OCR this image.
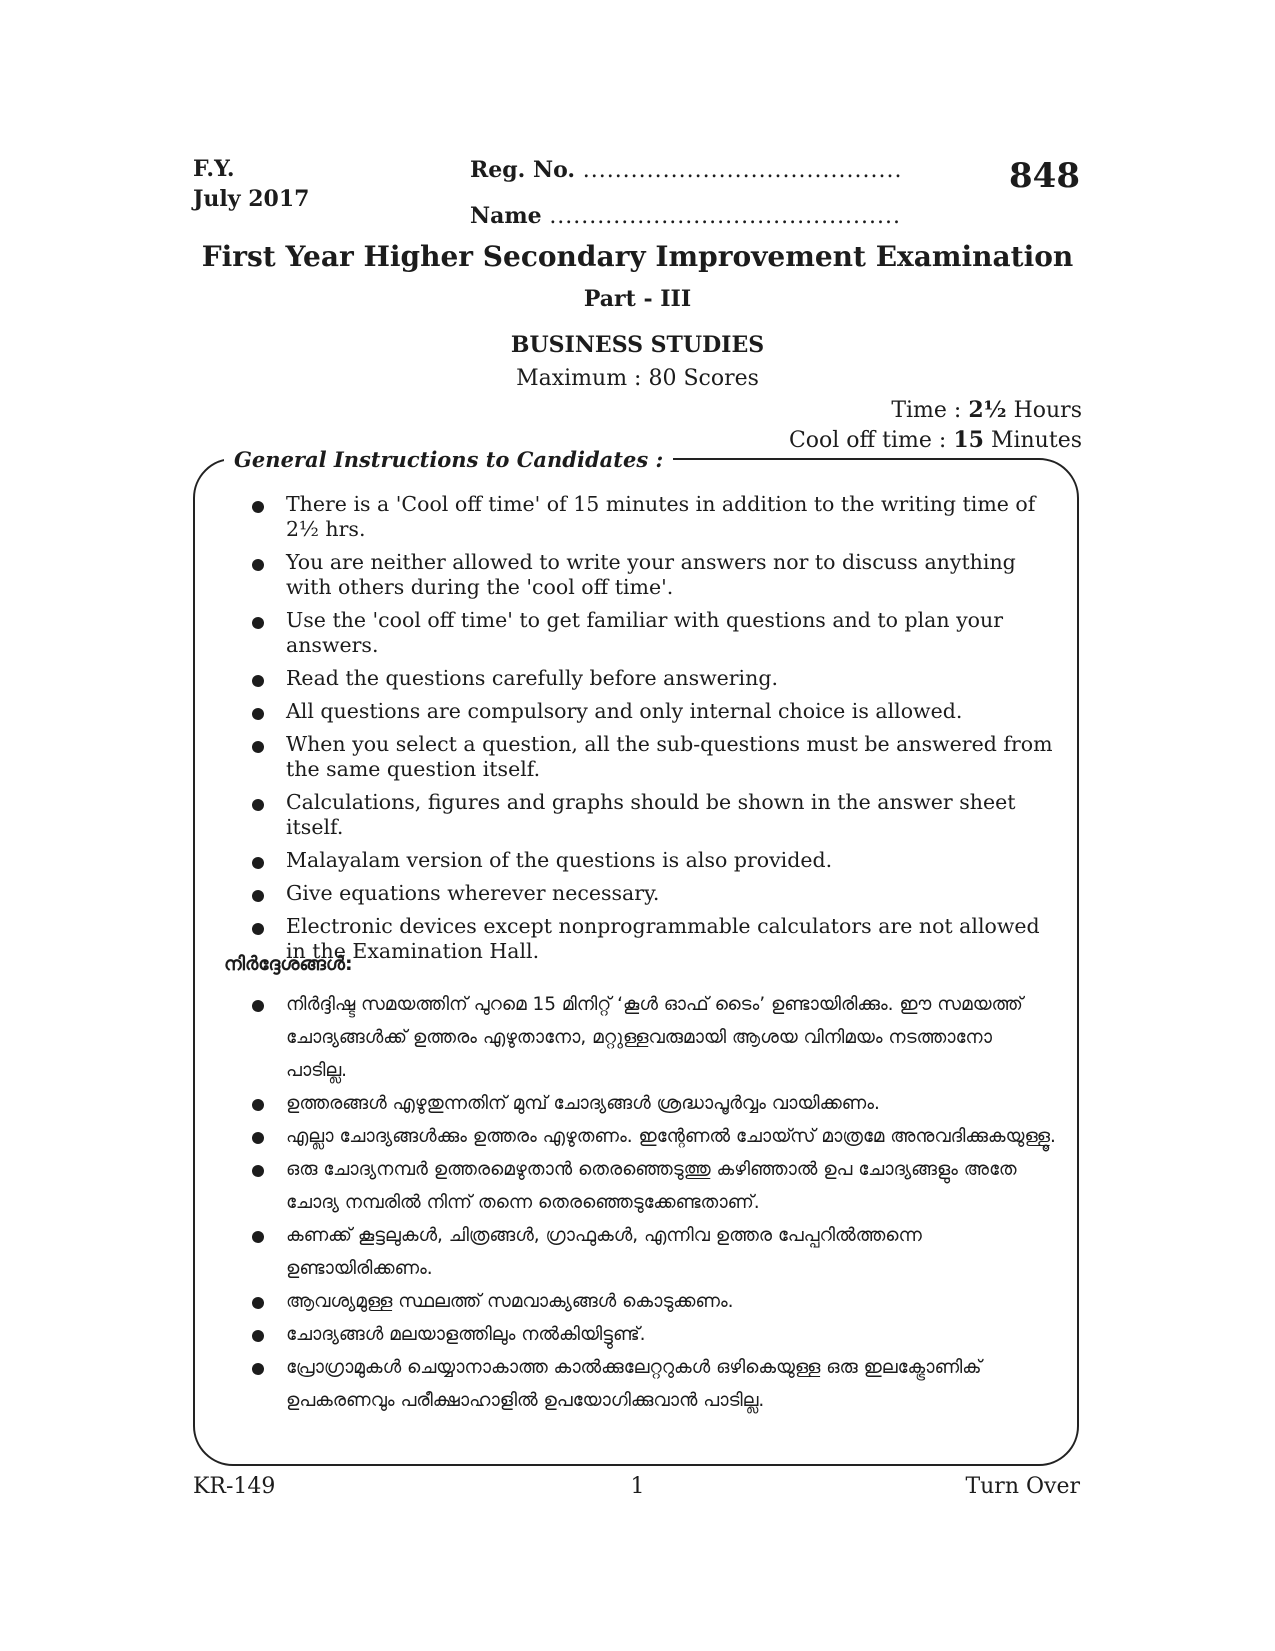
F.Y.
July 2017
Reg. No. ........................................
Name ............................................
848
First Year Higher Secondary Improvement Examination
Part - III
BUSINESS STUDIES
Maximum : 80 Scores
Time : 2½ Hours
Cool off time : 15 Minutes
General Instructions to Candidates :
There is a 'Cool off time' of 15 minutes in addition to the writing time of 2½ hrs.
You are neither allowed to write your answers nor to discuss anything with others during the 'cool off time'.
Use the 'cool off time' to get familiar with questions and to plan your answers.
Read the questions carefully before answering.
All questions are compulsory and only internal choice is allowed.
When you select a question, all the sub-questions must be answered from the same question itself.
Calculations, figures and graphs should be shown in the answer sheet itself.
Malayalam version of the questions is also provided.
Give equations wherever necessary.
Electronic devices except nonprogrammable calculators are not allowed in the Examination Hall.
നിർദ്ദേശങ്ങൾ:
നിർദ്ദിഷ്ട സമയത്തിന് പുറമെ 15 മിനിറ്റ് ‘കൂൾ ഓഫ് ടൈം’ ഉണ്ടായിരിക്കും. ഈ സമയത്ത് ചോദ്യങ്ങൾക്ക് ഉത്തരം എഴുതാനോ, മറ്റുള്ളവരുമായി ആശയ വിനിമയം നടത്താനോ പാടില്ല.
ഉത്തരങ്ങൾ എഴുതുന്നതിന് മുമ്പ് ചോദ്യങ്ങൾ ശ്രദ്ധാപൂർവ്വം വായിക്കണം.
എല്ലാ ചോദ്യങ്ങൾക്കും ഉത്തരം എഴുതണം. ഇന്റേണൽ ചോയ്സ് മാത്രമേ അനുവദിക്കുകയുള്ളൂ.
ഒരു ചോദ്യനമ്പർ ഉത്തരമെഴുതാൻ തെരഞ്ഞെടുത്തു കഴിഞ്ഞാൽ ഉപ ചോദ്യങ്ങളും അതേ ചോദ്യ നമ്പരിൽ നിന്ന് തന്നെ തെരഞ്ഞെടുക്കേണ്ടതാണ്.
കണക്ക് കൂട്ടലുകൾ, ചിത്രങ്ങൾ, ഗ്രാഫുകൾ, എന്നിവ ഉത്തര പേപ്പറിൽത്തന്നെ ഉണ്ടായിരിക്കണം.
ആവശ്യമുള്ള സ്ഥലത്ത് സമവാക്യങ്ങൾ കൊടുക്കണം.
ചോദ്യങ്ങൾ മലയാളത്തിലും നൽകിയിട്ടുണ്ട്.
പ്രോഗ്രാമുകൾ ചെയ്യാനാകാത്ത കാൽക്കുലേറ്ററുകൾ ഒഴികെയുള്ള ഒരു ഇലക്ട്രോണിക് ഉപകരണവും പരീക്ഷാഹാളിൽ ഉപയോഗിക്കുവാൻ പാടില്ല.
KR-149	1	Turn Over
